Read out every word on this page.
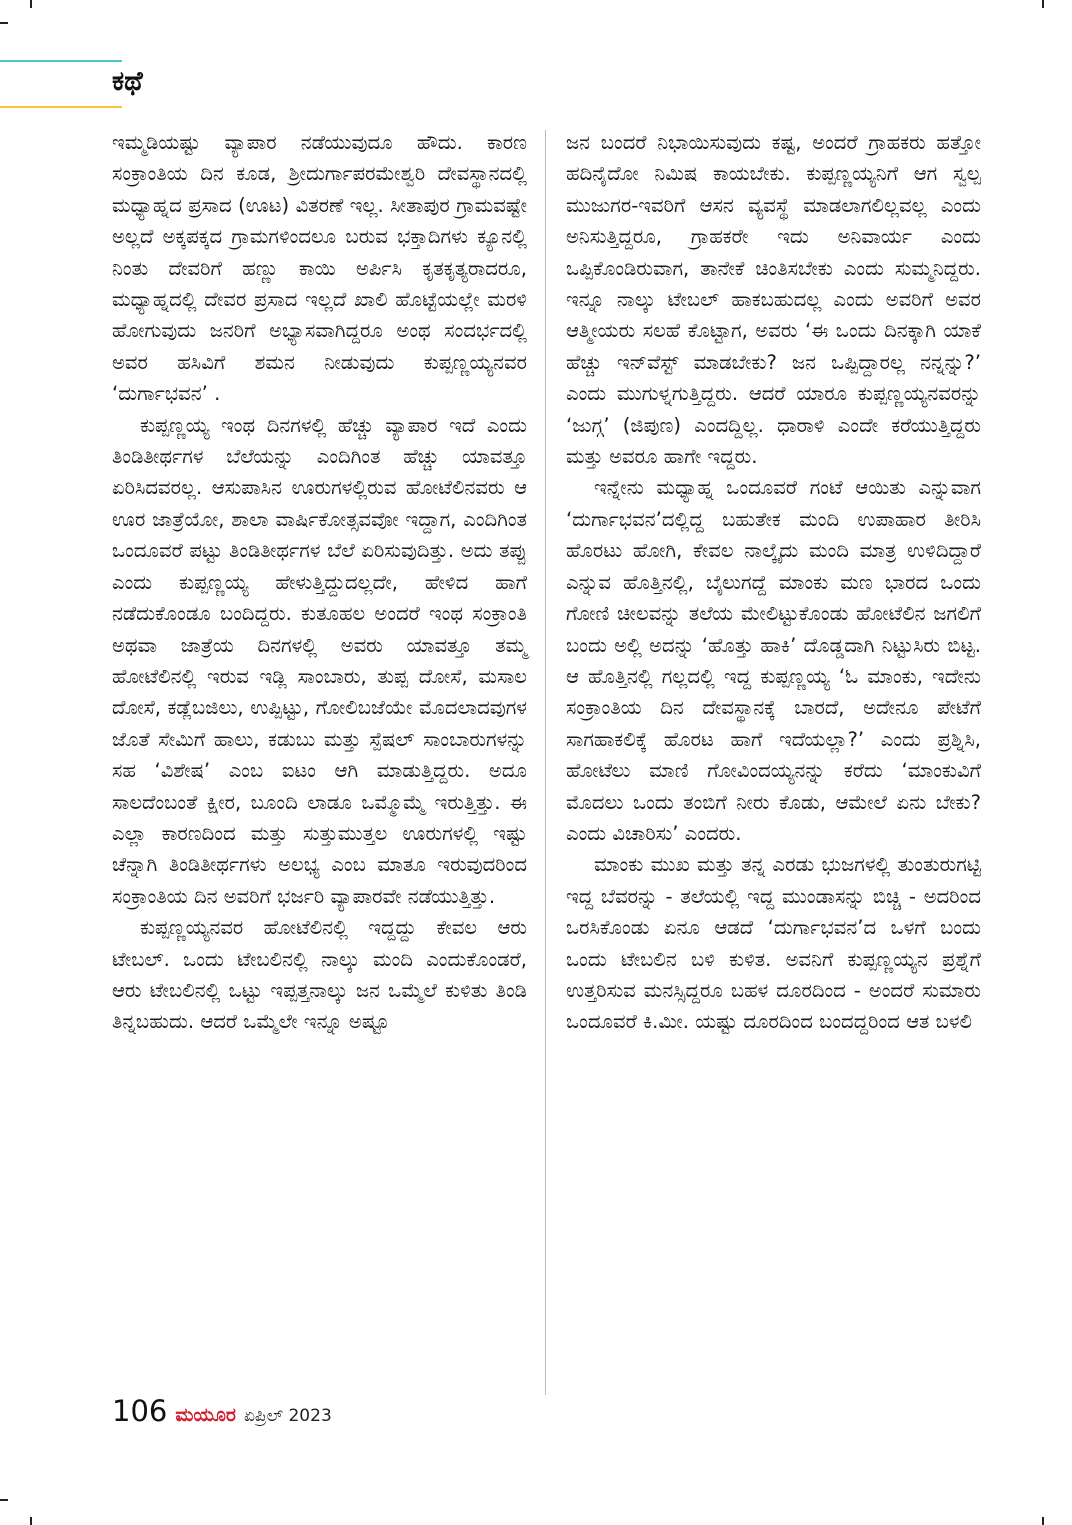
ಕಥೆ

ಇಮ್ಮಡಿಯಷ್ಟು ವ್ಯಾಪಾರ ನಡೆಯುವುದೂ ಹೌದು. ಕಾರಣ ಸಂಕ್ರಾಂತಿಯ ದಿನ ಕೂಡ, ಶ್ರೀದುರ್ಗಾಪರಮೇಶ್ವರಿ ದೇವಸ್ಥಾನದಲ್ಲಿ ಮಧ್ಯಾಹ್ನದ ಪ್ರಸಾದ (ಊಟ) ವಿತರಣೆ ಇಲ್ಲ. ಸೀತಾಪುರ ಗ್ರಾಮವಷ್ಟೇ ಅಲ್ಲದೆ ಅಕ್ಕಪಕ್ಕದ ಗ್ರಾಮಗಳಿಂದಲೂ ಬರುವ ಭಕ್ತಾದಿಗಳು ಕ್ಯೂನಲ್ಲಿ ನಿಂತು ದೇವರಿಗೆ ಹಣ್ಣು ಕಾಯಿ ಅರ್ಪಿಸಿ ಕೃತಕೃತ್ಯರಾದರೂ, ಮಧ್ಯಾಹ್ನದಲ್ಲಿ ದೇವರ ಪ್ರಸಾದ ಇಲ್ಲದೆ ಖಾಲಿ ಹೊಟ್ಟೆಯಲ್ಲೇ ಮರಳಿ ಹೋಗುವುದು ಜನರಿಗೆ ಅಭ್ಯಾಸವಾಗಿದ್ದರೂ ಅಂಥ ಸಂದರ್ಭದಲ್ಲಿ ಅವರ ಹಸಿವಿಗೆ ಶಮನ ನೀಡುವುದು ಕುಪ್ಪಣ್ಣಯ್ಯನವರ ‘ದುರ್ಗಾಭವನ’ .

ಕುಪ್ಪಣ್ಣಯ್ಯ ಇಂಥ ದಿನಗಳಲ್ಲಿ ಹೆಚ್ಚು ವ್ಯಾಪಾರ ಇದೆ ಎಂದು ತಿಂಡಿತೀರ್ಥಗಳ ಬೆಲೆಯನ್ನು ಎಂದಿಗಿಂತ ಹೆಚ್ಚು ಯಾವತ್ತೂ ಏರಿಸಿದವರಲ್ಲ. ಆಸುಪಾಸಿನ ಊರುಗಳಲ್ಲಿರುವ ಹೋಟೆಲಿನವರು ಆ ಊರ ಜಾತ್ರೆಯೋ, ಶಾಲಾ ವಾರ್ಷಿಕೋತ್ಸವವೋ ಇದ್ದಾಗ, ಎಂದಿಗಿಂತ ಒಂದೂವರೆ ಪಟ್ಟು ತಿಂಡಿತೀರ್ಥಗಳ ಬೆಲೆ ಏರಿಸುವುದಿತ್ತು. ಅದು ತಪ್ಪು ಎಂದು ಕುಪ್ಪಣ್ಣಯ್ಯ ಹೇಳುತ್ತಿದ್ದುದಲ್ಲದೇ, ಹೇಳಿದ ಹಾಗೆ ನಡೆದುಕೊಂಡೂ ಬಂದಿದ್ದರು. ಕುತೂಹಲ ಅಂದರೆ ಇಂಥ ಸಂಕ್ರಾಂತಿ ಅಥವಾ ಜಾತ್ರೆಯ ದಿನಗಳಲ್ಲಿ ಅವರು ಯಾವತ್ತೂ ತಮ್ಮ ಹೋಟೆಲಿನಲ್ಲಿ ಇರುವ ಇಡ್ಲಿ ಸಾಂಬಾರು, ತುಪ್ಪ ದೋಸೆ, ಮಸಾಲ ದೋಸೆ, ಕಡ್ಲೆಬಜಿಲು, ಉಪ್ಪಿಟ್ಟು, ಗೋಲಿಬಜೆಯೇ ಮೊದಲಾದವುಗಳ ಜೊತೆ ಸೇಮಿಗೆ ಹಾಲು, ಕಡುಬು ಮತ್ತು ಸ್ಪೆಷಲ್ ಸಾಂಬಾರುಗಳನ್ನು ಸಹ ‘ವಿಶೇಷ’ ಎಂಬ ಐಟಂ ಆಗಿ ಮಾಡುತ್ತಿದ್ದರು. ಅದೂ ಸಾಲದೆಂಬಂತೆ ಕ್ಷೀರ, ಬೂಂದಿ ಲಾಡೂ ಒಮ್ಮೊಮ್ಮೆ ಇರುತ್ತಿತ್ತು. ಈ ಎಲ್ಲಾ ಕಾರಣದಿಂದ ಮತ್ತು ಸುತ್ತುಮುತ್ತಲ ಊರುಗಳಲ್ಲಿ ಇಷ್ಟು ಚೆನ್ನಾಗಿ ತಿಂಡಿತೀರ್ಥಗಳು ಅಲಭ್ಯ ಎಂಬ ಮಾತೂ ಇರುವುದರಿಂದ ಸಂಕ್ರಾಂತಿಯ ದಿನ ಅವರಿಗೆ ಭರ್ಜರಿ ವ್ಯಾಪಾರವೇ ನಡೆಯುತ್ತಿತ್ತು.

ಕುಪ್ಪಣ್ಣಯ್ಯನವರ ಹೋಟೆಲಿನಲ್ಲಿ ಇದ್ದದ್ದು ಕೇವಲ ಆರು ಟೇಬಲ್. ಒಂದು ಟೇಬಲಿನಲ್ಲಿ ನಾಲ್ಕು ಮಂದಿ ಎಂದುಕೊಂಡರೆ, ಆರು ಟೇಬಲಿನಲ್ಲಿ ಒಟ್ಟು ಇಪ್ಪತ್ತನಾಲ್ಕು ಜನ ಒಮ್ಮೆಲೆ ಕುಳಿತು ತಿಂಡಿ ತಿನ್ನಬಹುದು. ಆದರೆ ಒಮ್ಮೆಲೇ ಇನ್ನೂ ಅಷ್ಟೂ

ಜನ ಬಂದರೆ ನಿಭಾಯಿಸುವುದು ಕಷ್ಟ, ಅಂದರೆ ಗ್ರಾಹಕರು ಹತ್ತೋ ಹದಿನೈದೋ ನಿಮಿಷ ಕಾಯಬೇಕು. ಕುಪ್ಪಣ್ಣಯ್ಯನಿಗೆ ಆಗ ಸ್ವಲ್ಪ ಮುಜುಗರ-ಇವರಿಗೆ ಆಸನ ವ್ಯವಸ್ಥೆ ಮಾಡಲಾಗಲಿಲ್ಲವಲ್ಲ ಎಂದು ಅನಿಸುತ್ತಿದ್ದರೂ, ಗ್ರಾಹಕರೇ ಇದು ಅನಿವಾರ್ಯ ಎಂದು ಒಪ್ಪಿಕೊಂಡಿರುವಾಗ, ತಾನೇಕೆ ಚಿಂತಿಸಬೇಕು ಎಂದು ಸುಮ್ಮನಿದ್ದರು. ಇನ್ನೂ ನಾಲ್ಕು ಟೇಬಲ್ ಹಾಕಬಹುದಲ್ಲ ಎಂದು ಅವರಿಗೆ ಅವರ ಆತ್ಮೀಯರು ಸಲಹೆ ಕೊಟ್ಟಾಗ, ಅವರು ‘ಈ ಒಂದು ದಿನಕ್ಕಾಗಿ ಯಾಕೆ ಹೆಚ್ಚು ಇನ್‌ವೆಸ್ಟ್ ಮಾಡಬೇಕು? ಜನ ಒಪ್ಪಿದ್ದಾರಲ್ಲ ನನ್ನನ್ನು?’ ಎಂದು ಮುಗುಳ್ನಗುತ್ತಿದ್ದರು. ಆದರೆ ಯಾರೂ ಕುಪ್ಪಣ್ಣಯ್ಯನವರನ್ನು ‘ಜುಗ್ಗ’ (ಜಿಪುಣ) ಎಂದದ್ದಿಲ್ಲ. ಧಾರಾಳಿ ಎಂದೇ ಕರೆಯುತ್ತಿದ್ದರು ಮತ್ತು ಅವರೂ ಹಾಗೇ ಇದ್ದರು.

ಇನ್ನೇನು ಮಧ್ಯಾಹ್ನ ಒಂದೂವರೆ ಗಂಟೆ ಆಯಿತು ಎನ್ನುವಾಗ ‘ದುರ್ಗಾಭವನ’ದಲ್ಲಿದ್ದ ಬಹುತೇಕ ಮಂದಿ ಉಪಾಹಾರ ತೀರಿಸಿ ಹೊರಟು ಹೋಗಿ, ಕೇವಲ ನಾಲ್ಕೈದು ಮಂದಿ ಮಾತ್ರ ಉಳಿದಿದ್ದಾರೆ ಎನ್ನುವ ಹೊತ್ತಿನಲ್ಲಿ, ಬೈಲುಗದ್ದೆ ಮಾಂಕು ಮಣ ಭಾರದ ಒಂದು ಗೋಣಿ ಚೀಲವನ್ನು ತಲೆಯ ಮೇಲಿಟ್ಟುಕೊಂಡು ಹೋಟೆಲಿನ ಜಗಲಿಗೆ ಬಂದು ಅಲ್ಲಿ ಅದನ್ನು ‘ಹೊತ್ತು ಹಾಕಿ’ ದೊಡ್ಡದಾಗಿ ನಿಟ್ಟುಸಿರು ಬಿಟ್ಟ. ಆ ಹೊತ್ತಿನಲ್ಲಿ ಗಲ್ಲದಲ್ಲಿ ಇದ್ದ ಕುಪ್ಪಣ್ಣಯ್ಯ ‘ಓ ಮಾಂಕು, ಇದೇನು ಸಂಕ್ರಾಂತಿಯ ದಿನ ದೇವಸ್ಥಾನಕ್ಕೆ ಬಾರದೆ, ಅದೇನೂ ಪೇಟೆಗೆ ಸಾಗಹಾಕಲಿಕ್ಕೆ ಹೊರಟ ಹಾಗೆ ಇದೆಯಲ್ಲಾ?’ ಎಂದು ಪ್ರಶ್ನಿಸಿ, ಹೋಟೆಲು ಮಾಣಿ ಗೋವಿಂದಯ್ಯನನ್ನು ಕರೆದು ‘ಮಾಂಕುವಿಗೆ ಮೊದಲು ಒಂದು ತಂಬಿಗೆ ನೀರು ಕೊಡು, ಆಮೇಲೆ ಏನು ಬೇಕು? ಎಂದು ವಿಚಾರಿಸು’ ಎಂದರು.

ಮಾಂಕು ಮುಖ ಮತ್ತು ತನ್ನ ಎರಡು ಭುಜಗಳಲ್ಲಿ ತುಂತುರುಗಟ್ಟಿ ಇದ್ದ ಬೆವರನ್ನು - ತಲೆಯಲ್ಲಿ ಇದ್ದ ಮುಂಡಾಸನ್ನು ಬಿಚ್ಚಿ - ಅದರಿಂದ ಒರಸಿಕೊಂಡು ಏನೂ ಆಡದೆ ‘ದುರ್ಗಾಭವನ’ದ ಒಳಗೆ ಬಂದು ಒಂದು ಟೇಬಲಿನ ಬಳಿ ಕುಳಿತ. ಅವನಿಗೆ ಕುಪ್ಪಣ್ಣಯ್ಯನ ಪ್ರಶ್ನೆಗೆ ಉತ್ತರಿಸುವ ಮನಸ್ಸಿದ್ದರೂ ಬಹಳ ದೂರದಿಂದ - ಅಂದರೆ ಸುಮಾರು ಒಂದೂವರೆ ಕಿ.ಮೀ. ಯಷ್ಟು ದೂರದಿಂದ ಬಂದದ್ದರಿಂದ ಆತ ಬಳಲಿ

106 ಮಯೂರ ಏಪ್ರಿಲ್ 2023
